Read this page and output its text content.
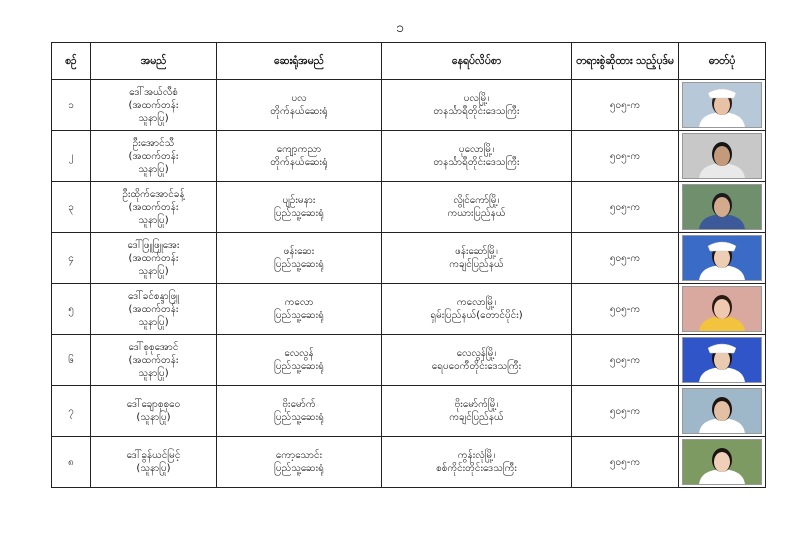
၁
စဉ်	အမည်	ဆေးရုံအမည်	နေရပ်လိပ်စာ	တရားစွဲဆိုထား သည့်ပုဒ်မ	ဓာတ်ပုံ
၁	ဒေါ်အယ်လီစံ
(အထက်တန်း
သူနာပြု)	ပလ
တိုက်နယ်ဆေးရုံ	ပလမြို့၊
တနင်္သာရီတိုင်းဒေသကြီး	၅၀၅-က	

၂	ဦးအောင်သီ
(အထက်တန်း
သူနာပြု)	ကျော့ကညာ
တိုက်နယ်ဆေးရုံ	ပုလောမြို့၊
တနင်္သာရီတိုင်းဒေသကြီး	၅၀၅-က	

၃	ဦးထိုက်အောင်ခန့်
(အထက်တန်း
သူနာပြု)	ပျဉ်းမနား
ပြည်သူ့ဆေးရုံ	လွိုင်ကော်မြို့၊
ကယားပြည်နယ်	၅၀၅-က	

၄	ဒေါ်ဖြူဖြူအေး
(အထက်တန်း
သူနာပြု)	ဖန်းဆေး
ပြည်သူ့ဆေးရုံ	ဖန်းဆော်မြို့၊
ကချင်ပြည်နယ်	၅၀၅-က	

၅	ဒေါ်ခင်စန္ဒာဖြူ
(အထက်တန်း
သူနာပြု)	ကလော
ပြည်သူ့ဆေးရုံ	ကလောမြို့၊
ရှမ်းပြည်နယ်(တောင်ပိုင်း)	၅၀၅-က	

၆	ဒေါ်စုစုအောင်
(အထက်တန်း
သူနာပြု)	လေလွန်
ပြည်သူ့ဆေးရုံ	လေလွန်မြို့၊
ရေပဝေကီတိုင်းဒေသကြီး	၅၀၅-က	

၇	ဒေါ်ချောစုစုဝေ
(သူနာပြု)	ဗိုးမော်က်
ပြည်သူ့ဆေးရုံ	ဗိုးမော်က်မြို့၊
ကချင်ပြည်နယ်	၅၀၅-က	

၈	ဒေါ်ခွန်ယင်မြင့်
(သူနာပြု)	ကော့သောင်း
ပြည်သူ့ဆေးရုံ	ကွန်းလုံမြို့၊
စစ်ကိုင်းတိုင်းဒေသကြီး	၅၀၅-က	
